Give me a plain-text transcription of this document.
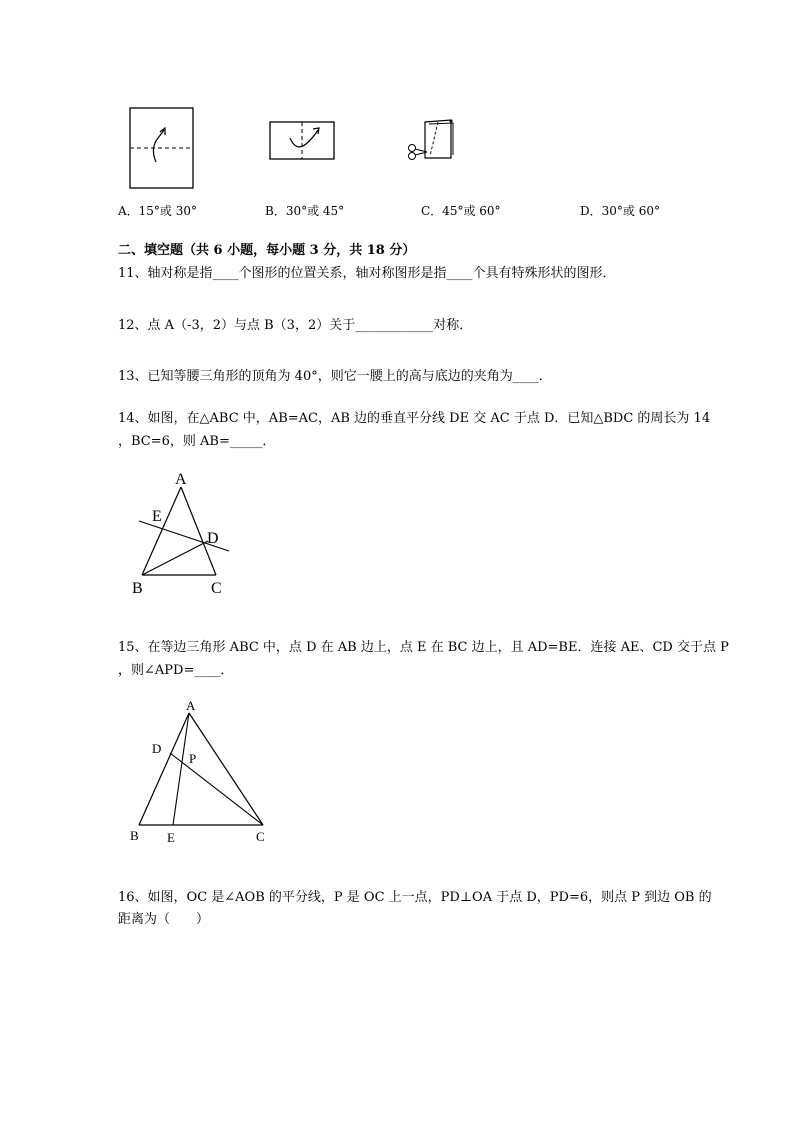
A．15°或 30°	B．30°或 45°	C．45°或 60°	D．30°或 60°
二、填空题（共 6 小题，每小题 3 分，共 18 分）
11、轴对称是指____个图形的位置关系，轴对称图形是指____个具有特殊形状的图形．
12、点 A（-3，2）与点 B（3，2）关于____________对称．
13、已知等腰三角形的顶角为 40°，则它一腰上的高与底边的夹角为____．
14、如图，在△ABC 中，AB=AC，AB 边的垂直平分线 DE 交 AC 于点 D．已知△BDC 的周长为 14
，BC=6，则 AB=_____．
A
E
D
B	C
15、在等边三角形 ABC 中，点 D 在 AB 边上，点 E 在 BC 边上，且 AD=BE．连接 AE、CD 交于点 P
，则∠APD=____．
A
D
P
B E	C
16、如图，OC 是∠AOB 的平分线，P 是 OC 上一点，PD⊥OA 于点 D，PD=6，则点 P 到边 OB 的
距离为（　　）
